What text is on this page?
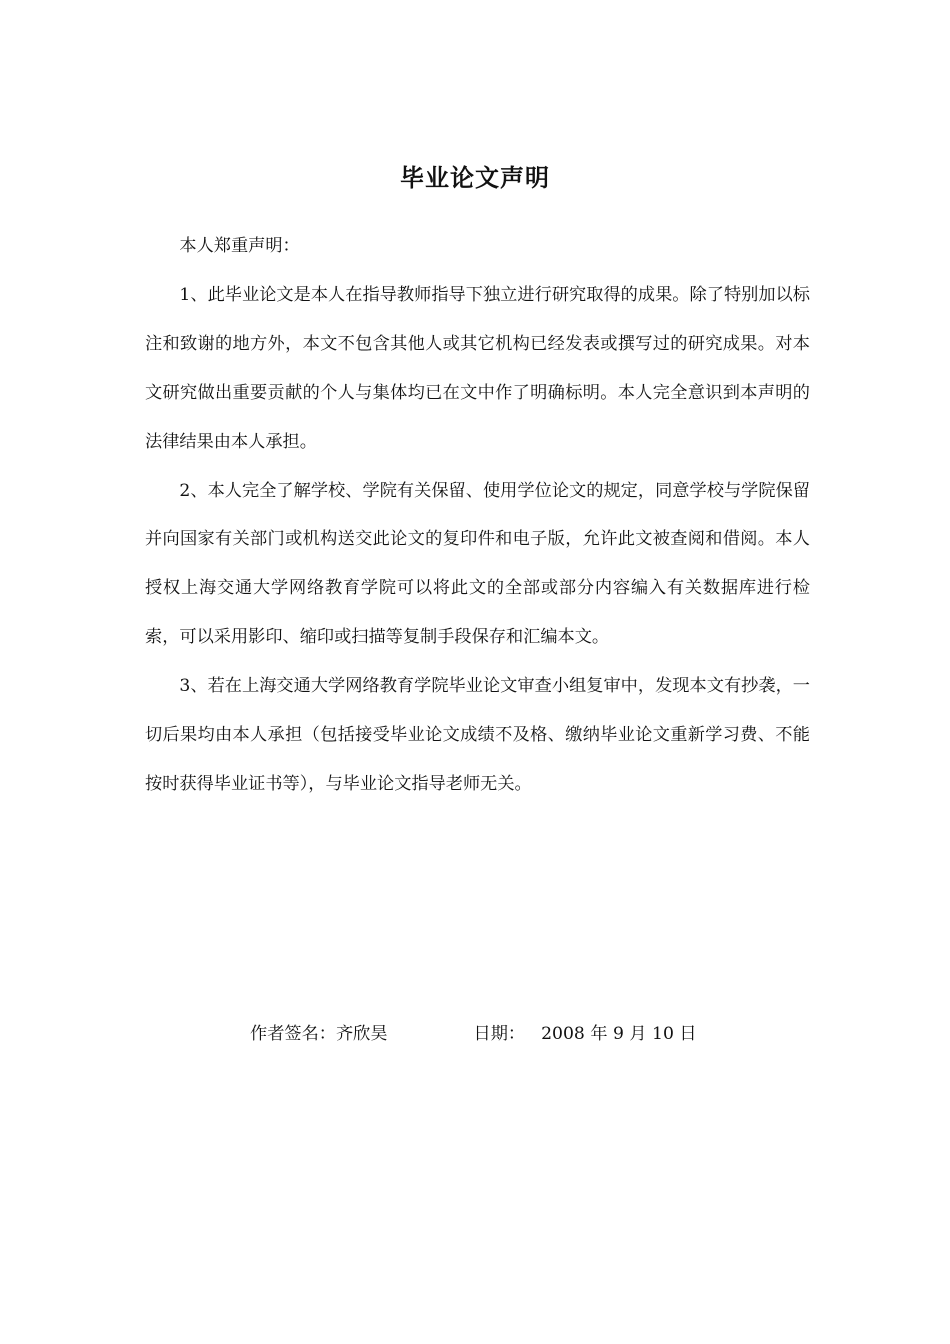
毕业论文声明

本人郑重声明：

1、此毕业论文是本人在指导教师指导下独立进行研究取得的成果。除了特别加以标注和致谢的地方外，本文不包含其他人或其它机构已经发表或撰写过的研究成果。对本文研究做出重要贡献的个人与集体均已在文中作了明确标明。本人完全意识到本声明的法律结果由本人承担。

2、本人完全了解学校、学院有关保留、使用学位论文的规定，同意学校与学院保留并向国家有关部门或机构送交此论文的复印件和电子版，允许此文被查阅和借阅。本人授权上海交通大学网络教育学院可以将此文的全部或部分内容编入有关数据库进行检索，可以采用影印、缩印或扫描等复制手段保存和汇编本文。

3、若在上海交通大学网络教育学院毕业论文审查小组复审中，发现本文有抄袭，一切后果均由本人承担（包括接受毕业论文成绩不及格、缴纳毕业论文重新学习费、不能按时获得毕业证书等），与毕业论文指导老师无关。

作者签名：齐欣昊	日期： 2008 年 9 月 10 日
